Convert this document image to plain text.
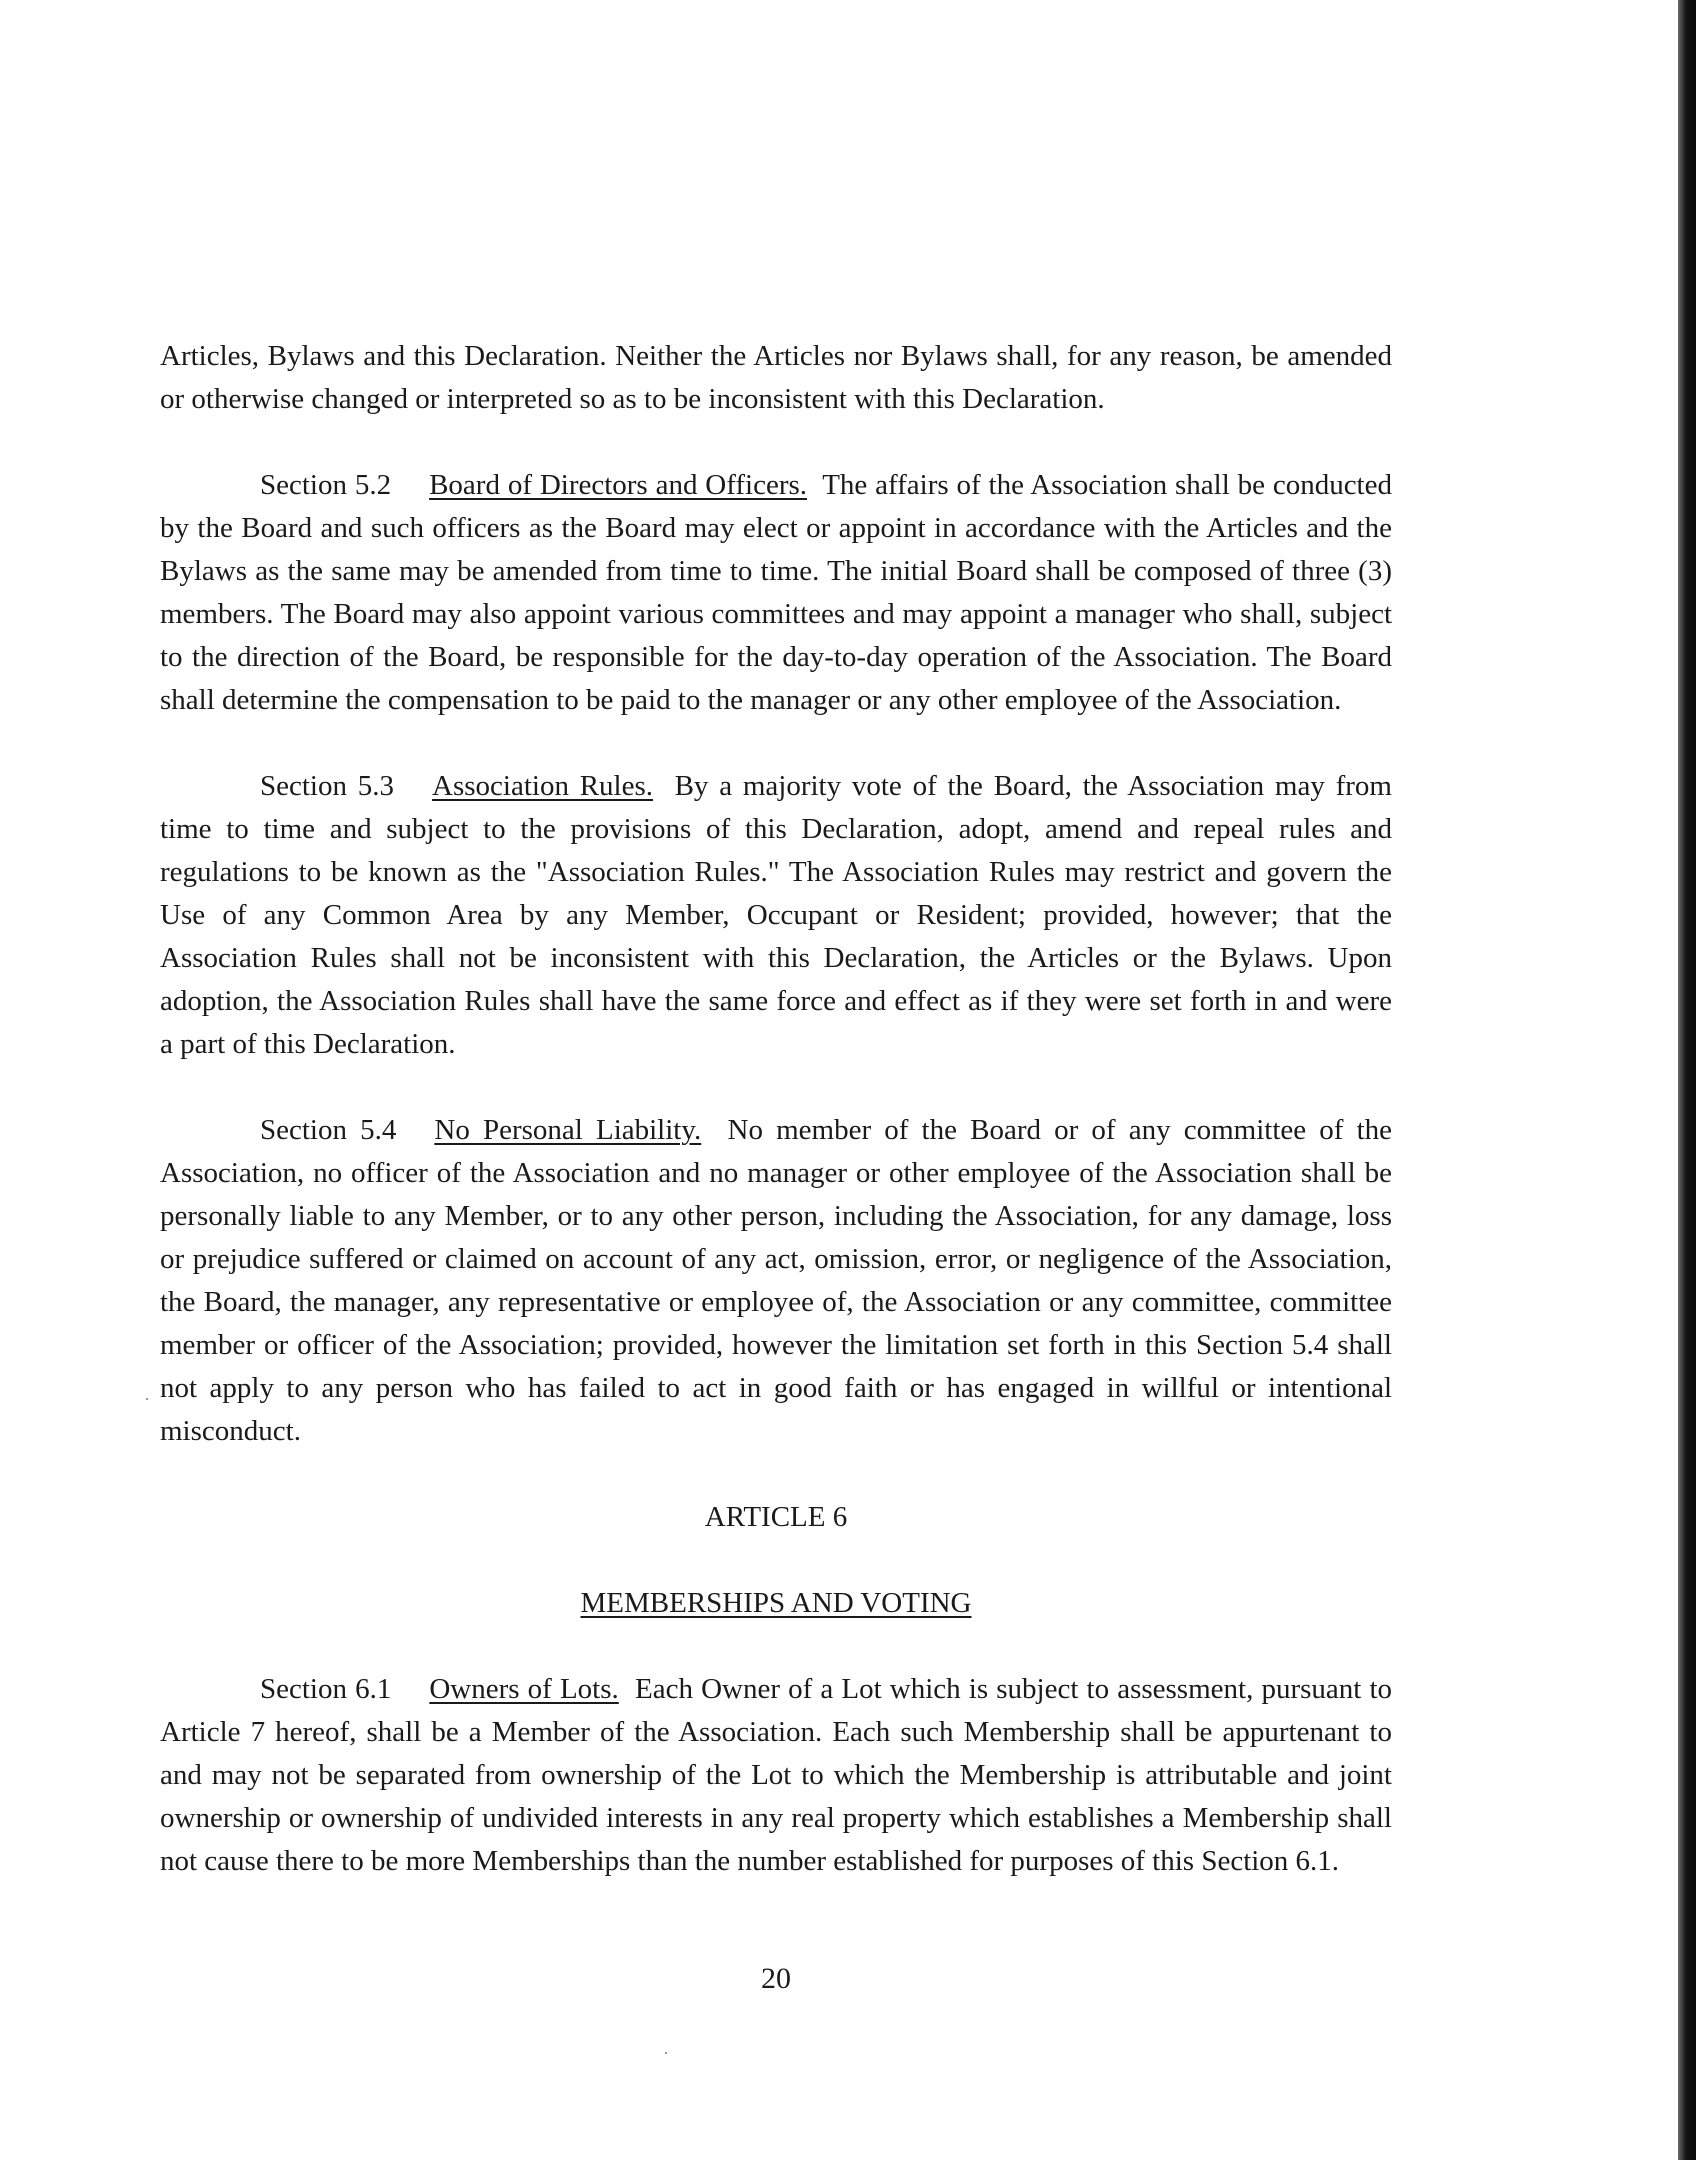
Articles, Bylaws and this Declaration. Neither the Articles nor Bylaws shall, for any reason, be amended or otherwise changed or interpreted so as to be inconsistent with this Declaration.

Section 5.2 Board of Directors and Officers. The affairs of the Association shall be conducted by the Board and such officers as the Board may elect or appoint in accordance with the Articles and the Bylaws as the same may be amended from time to time. The initial Board shall be composed of three (3) members. The Board may also appoint various committees and may appoint a manager who shall, subject to the direction of the Board, be responsible for the day-to-day operation of the Association. The Board shall determine the compensation to be paid to the manager or any other employee of the Association.

Section 5.3 Association Rules. By a majority vote of the Board, the Association may from time to time and subject to the provisions of this Declaration, adopt, amend and repeal rules and regulations to be known as the "Association Rules." The Association Rules may restrict and govern the Use of any Common Area by any Member, Occupant or Resident; provided, however; that the Association Rules shall not be inconsistent with this Declaration, the Articles or the Bylaws. Upon adoption, the Association Rules shall have the same force and effect as if they were set forth in and were a part of this Declaration.

Section 5.4 No Personal Liability. No member of the Board or of any committee of the Association, no officer of the Association and no manager or other employee of the Association shall be personally liable to any Member, or to any other person, including the Association, for any damage, loss or prejudice suffered or claimed on account of any act, omission, error, or negligence of the Association, the Board, the manager, any representative or employee of, the Association or any committee, committee member or officer of the Association; provided, however the limitation set forth in this Section 5.4 shall not apply to any person who has failed to act in good faith or has engaged in willful or intentional misconduct.

ARTICLE 6

MEMBERSHIPS AND VOTING

Section 6.1 Owners of Lots. Each Owner of a Lot which is subject to assessment, pursuant to Article 7 hereof, shall be a Member of the Association. Each such Membership shall be appurtenant to and may not be separated from ownership of the Lot to which the Membership is attributable and joint ownership or ownership of undivided interests in any real property which establishes a Membership shall not cause there to be more Memberships than the number established for purposes of this Section 6.1.

20
